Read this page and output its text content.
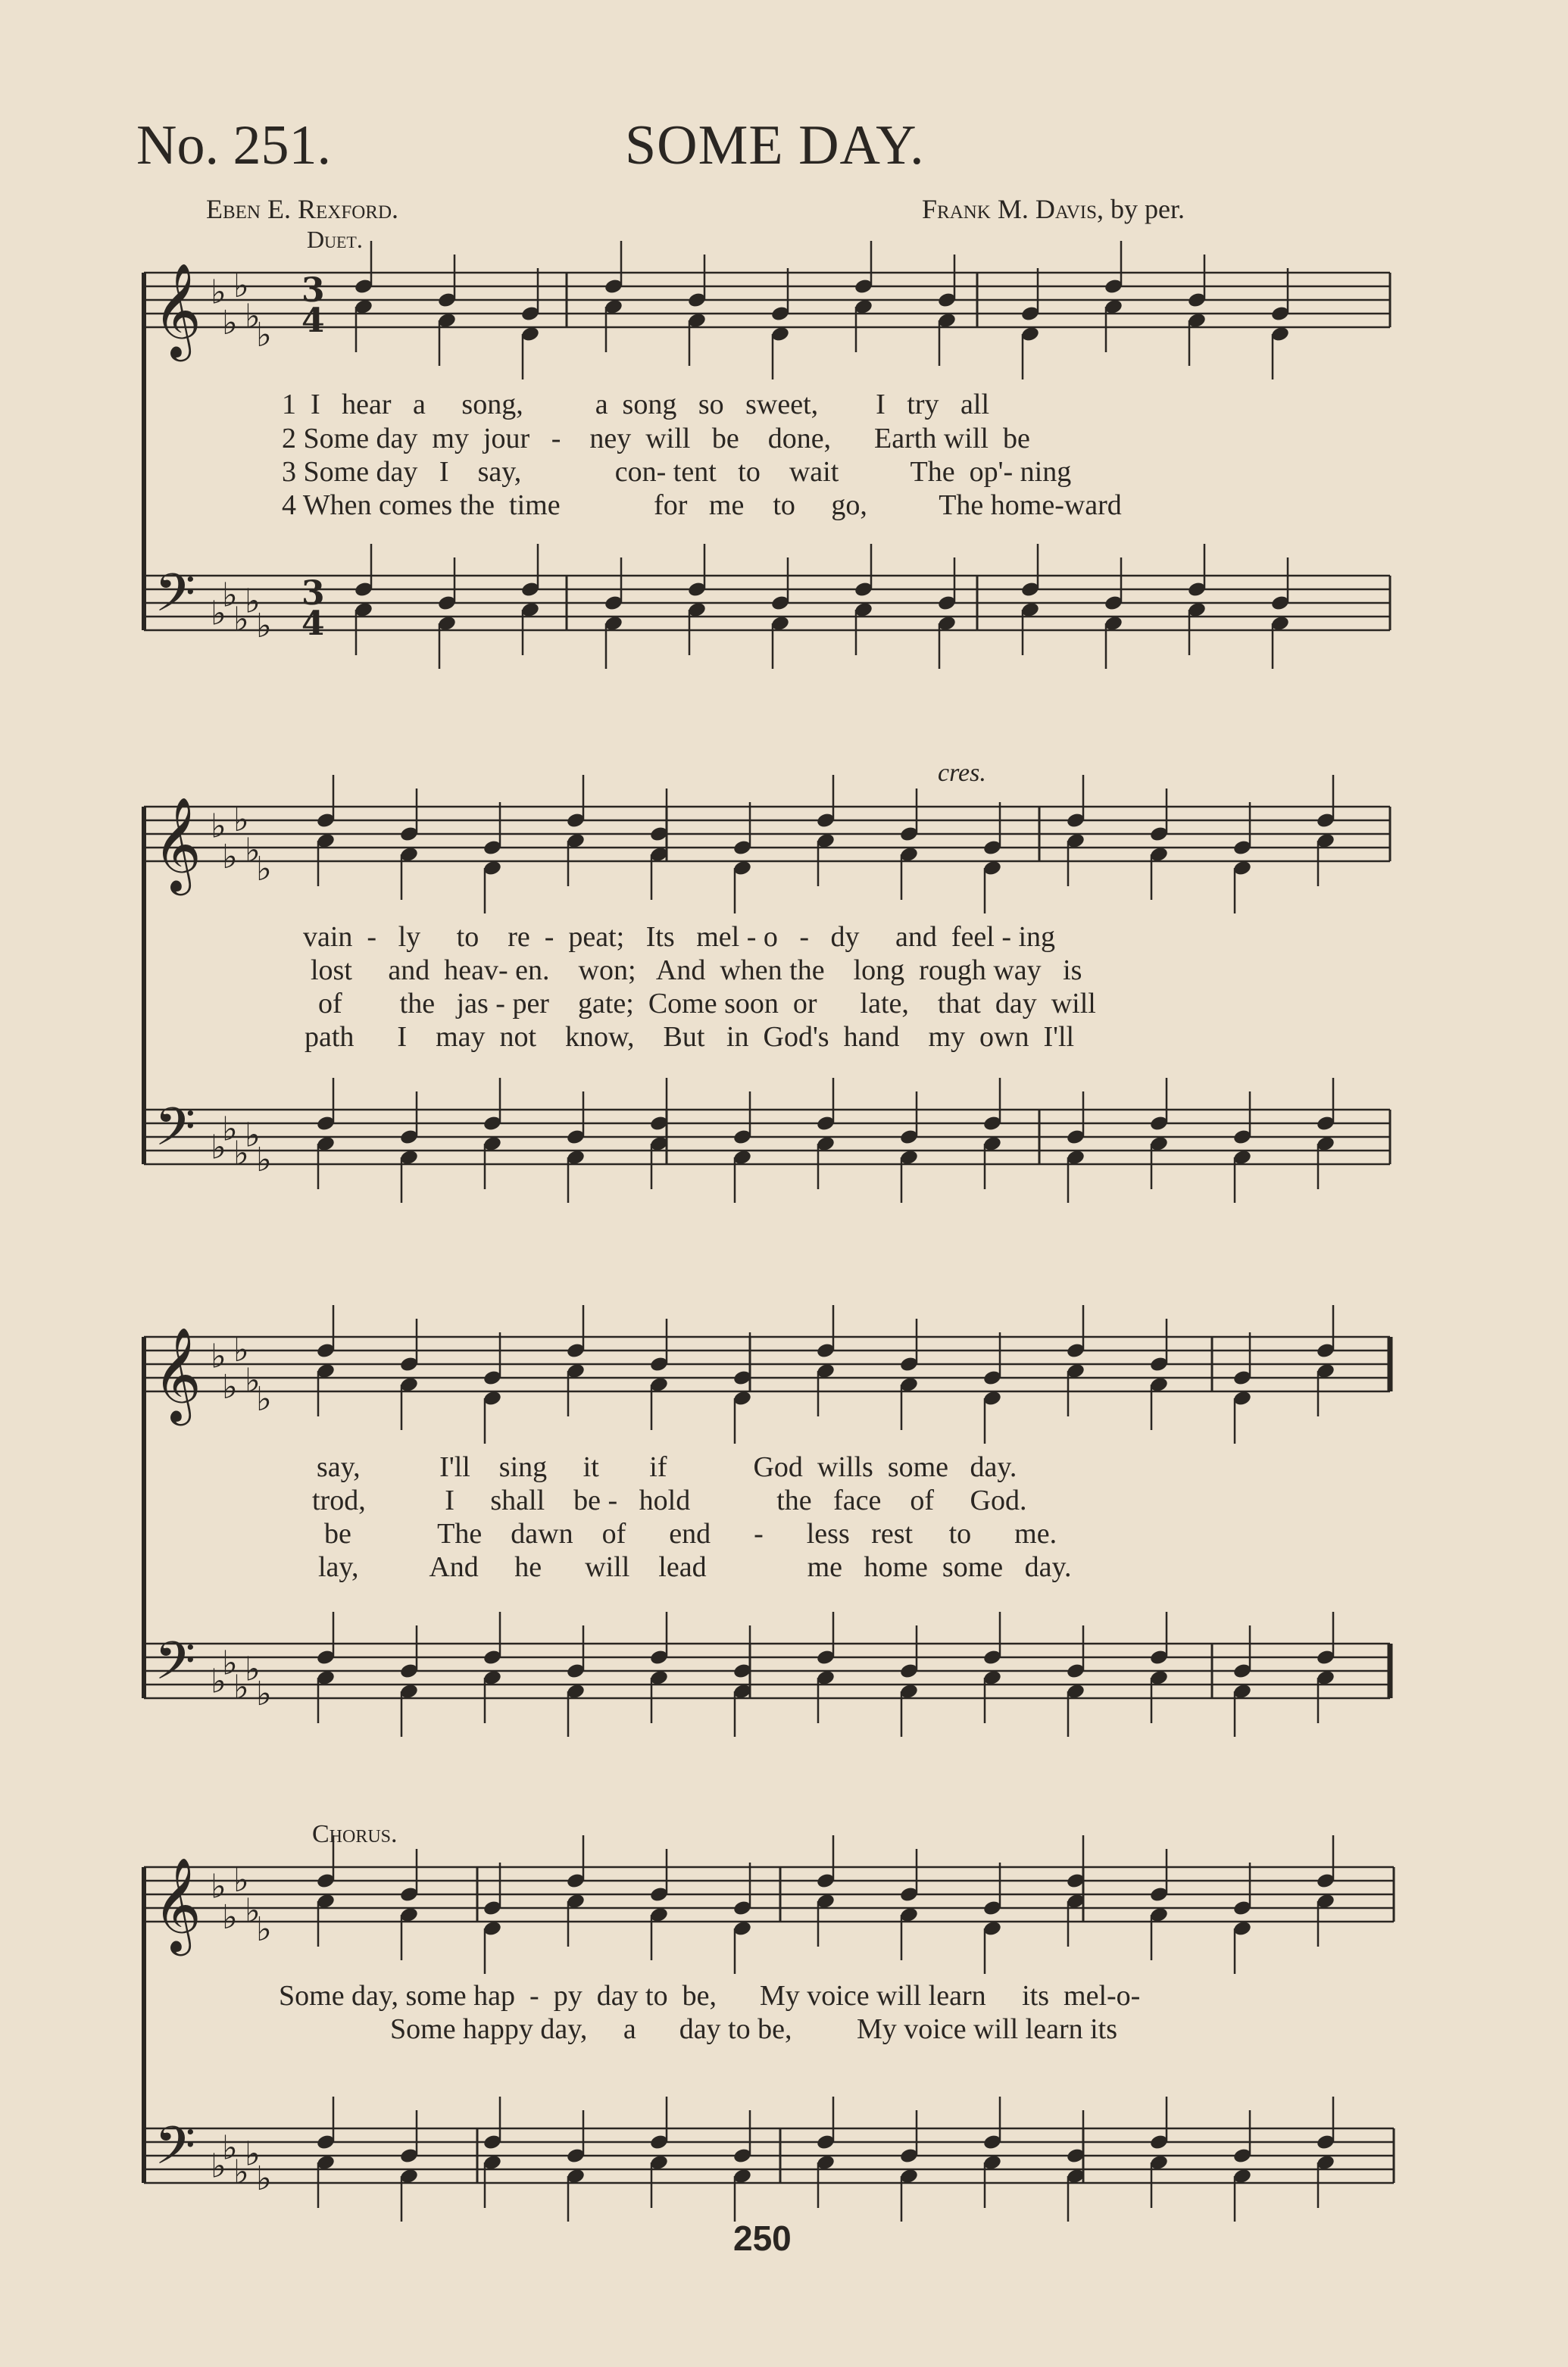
No. 251.	SOME DAY.
Eben E. Rexford.	Frank M. Davis, by per.
Duet.
cres.
Chorus.
𝄞
𝄢
♭
♭
♭
♭
♭
♭
♭
♭
♭
♭
3
4
3
4
𝄞
𝄢
♭
♭
♭
♭
♭
♭
♭
♭
♭
♭
𝄞
𝄢
♭
♭
♭
♭
♭
♭
♭
♭
♭
♭
𝄞
𝄢
♭
♭
♭
♭
♭
♭
♭
♭
♭
♭
1  I   hear   a     song,          a  song   so   sweet,        I   try   all
2 Some day  my  jour   -    ney  will   be    done,      Earth will  be
3 Some day   I    say,             con- tent   to    wait          The  op'- ning
4 When comes the  time             for   me    to     go,          The home-ward
vain  -   ly     to    re  -  peat;   Its   mel - o   -   dy     and  feel - ing
lost     and  heav- en.    won;   And  when the    long  rough way   is
of        the   jas - per    gate;  Come soon  or      late,    that  day  will
path      I    may  not    know,    But   in  God's  hand    my  own  I'll
say,           I'll    sing     it       if            God  wills  some   day.
trod,           I     shall    be -   hold            the   face    of     God.
be            The    dawn    of      end      -      less   rest     to      me.
lay,          And     he      will    lead              me   home  some   day.
Some day, some hap  -  py  day to  be,      My voice will learn     its  mel-o-
Some happy day,     a      day to be,         My voice will learn its
250
